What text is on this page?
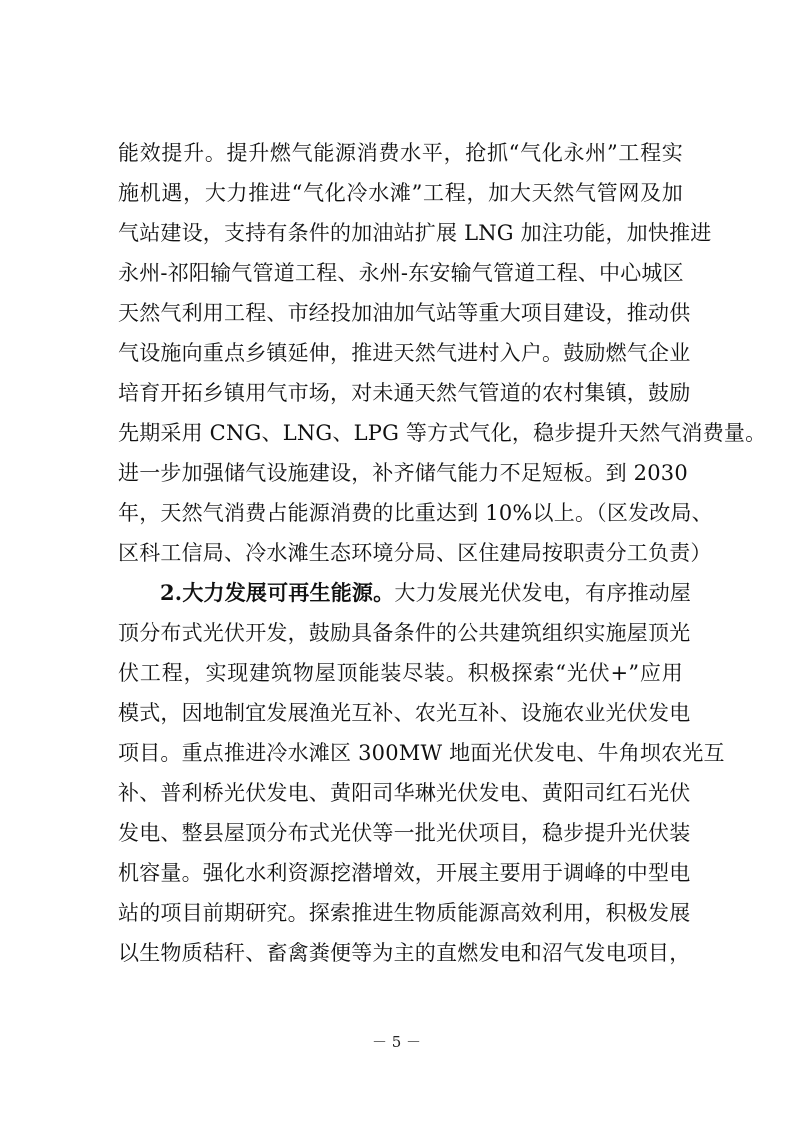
能效提升。提升燃气能源消费水平，抢抓“气化永州”工程实
施机遇，大力推进“气化冷水滩”工程，加大天然气管网及加
气站建设，支持有条件的加油站扩展 LNG 加注功能，加快推进
永州-祁阳输气管道工程、永州-东安输气管道工程、中心城区
天然气利用工程、市经投加油加气站等重大项目建设，推动供
气设施向重点乡镇延伸，推进天然气进村入户。鼓励燃气企业
培育开拓乡镇用气市场，对未通天然气管道的农村集镇，鼓励
先期采用 CNG、LNG、LPG 等方式气化，稳步提升天然气消费量。
进一步加强储气设施建设，补齐储气能力不足短板。到 2030
年，天然气消费占能源消费的比重达到 10%以上。（区发改局、
区科工信局、冷水滩生态环境分局、区住建局按职责分工负责）
2.大力发展可再生能源。大力发展光伏发电，有序推动屋
顶分布式光伏开发，鼓励具备条件的公共建筑组织实施屋顶光
伏工程，实现建筑物屋顶能装尽装。积极探索“光伏+”应用
模式，因地制宜发展渔光互补、农光互补、设施农业光伏发电
项目。重点推进冷水滩区 300MW 地面光伏发电、牛角坝农光互
补、普利桥光伏发电、黄阳司华琳光伏发电、黄阳司红石光伏
发电、整县屋顶分布式光伏等一批光伏项目，稳步提升光伏装
机容量。强化水利资源挖潜增效，开展主要用于调峰的中型电
站的项目前期研究。探索推进生物质能源高效利用，积极发展
以生物质秸秆、畜禽粪便等为主的直燃发电和沼气发电项目，
－ 5 －
